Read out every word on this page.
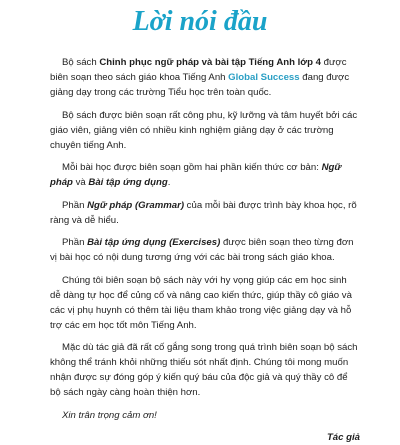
Lời nói đầu

Bộ sách Chinh phục ngữ pháp và bài tập Tiếng Anh lớp 4 được biên soạn theo sách giáo khoa Tiếng Anh Global Success đang được giảng dạy trong các trường Tiểu học trên toàn quốc.

Bộ sách được biên soạn rất công phu, kỹ lưỡng và tâm huyết bởi các giáo viên, giảng viên có nhiều kinh nghiệm giảng dạy ở các trường chuyên tiếng Anh.

Mỗi bài học được biên soạn gồm hai phần kiến thức cơ bản: Ngữ pháp và Bài tập ứng dụng.

Phần Ngữ pháp (Grammar) của mỗi bài được trình bày khoa học, rõ ràng và dễ hiểu.

Phần Bài tập ứng dụng (Exercises) được biên soạn theo từng đơn vị bài học có nội dung tương ứng với các bài trong sách giáo khoa.

Chúng tôi biên soạn bộ sách này với hy vọng giúp các em học sinh dễ dàng tự học để củng cố và nâng cao kiến thức, giúp thầy cô giáo và các vị phụ huynh có thêm tài liệu tham khảo trong việc giảng dạy và hỗ trợ các em học tốt môn Tiếng Anh.

Mặc dù tác giả đã rất cố gắng song trong quá trình biên soạn bộ sách không thể tránh khỏi những thiếu sót nhất định. Chúng tôi mong muốn nhận được sự đóng góp ý kiến quý báu của độc giả và quý thầy cô để bộ sách ngày càng hoàn thiện hơn.

Xin trân trọng cảm ơn!

Tác giả
